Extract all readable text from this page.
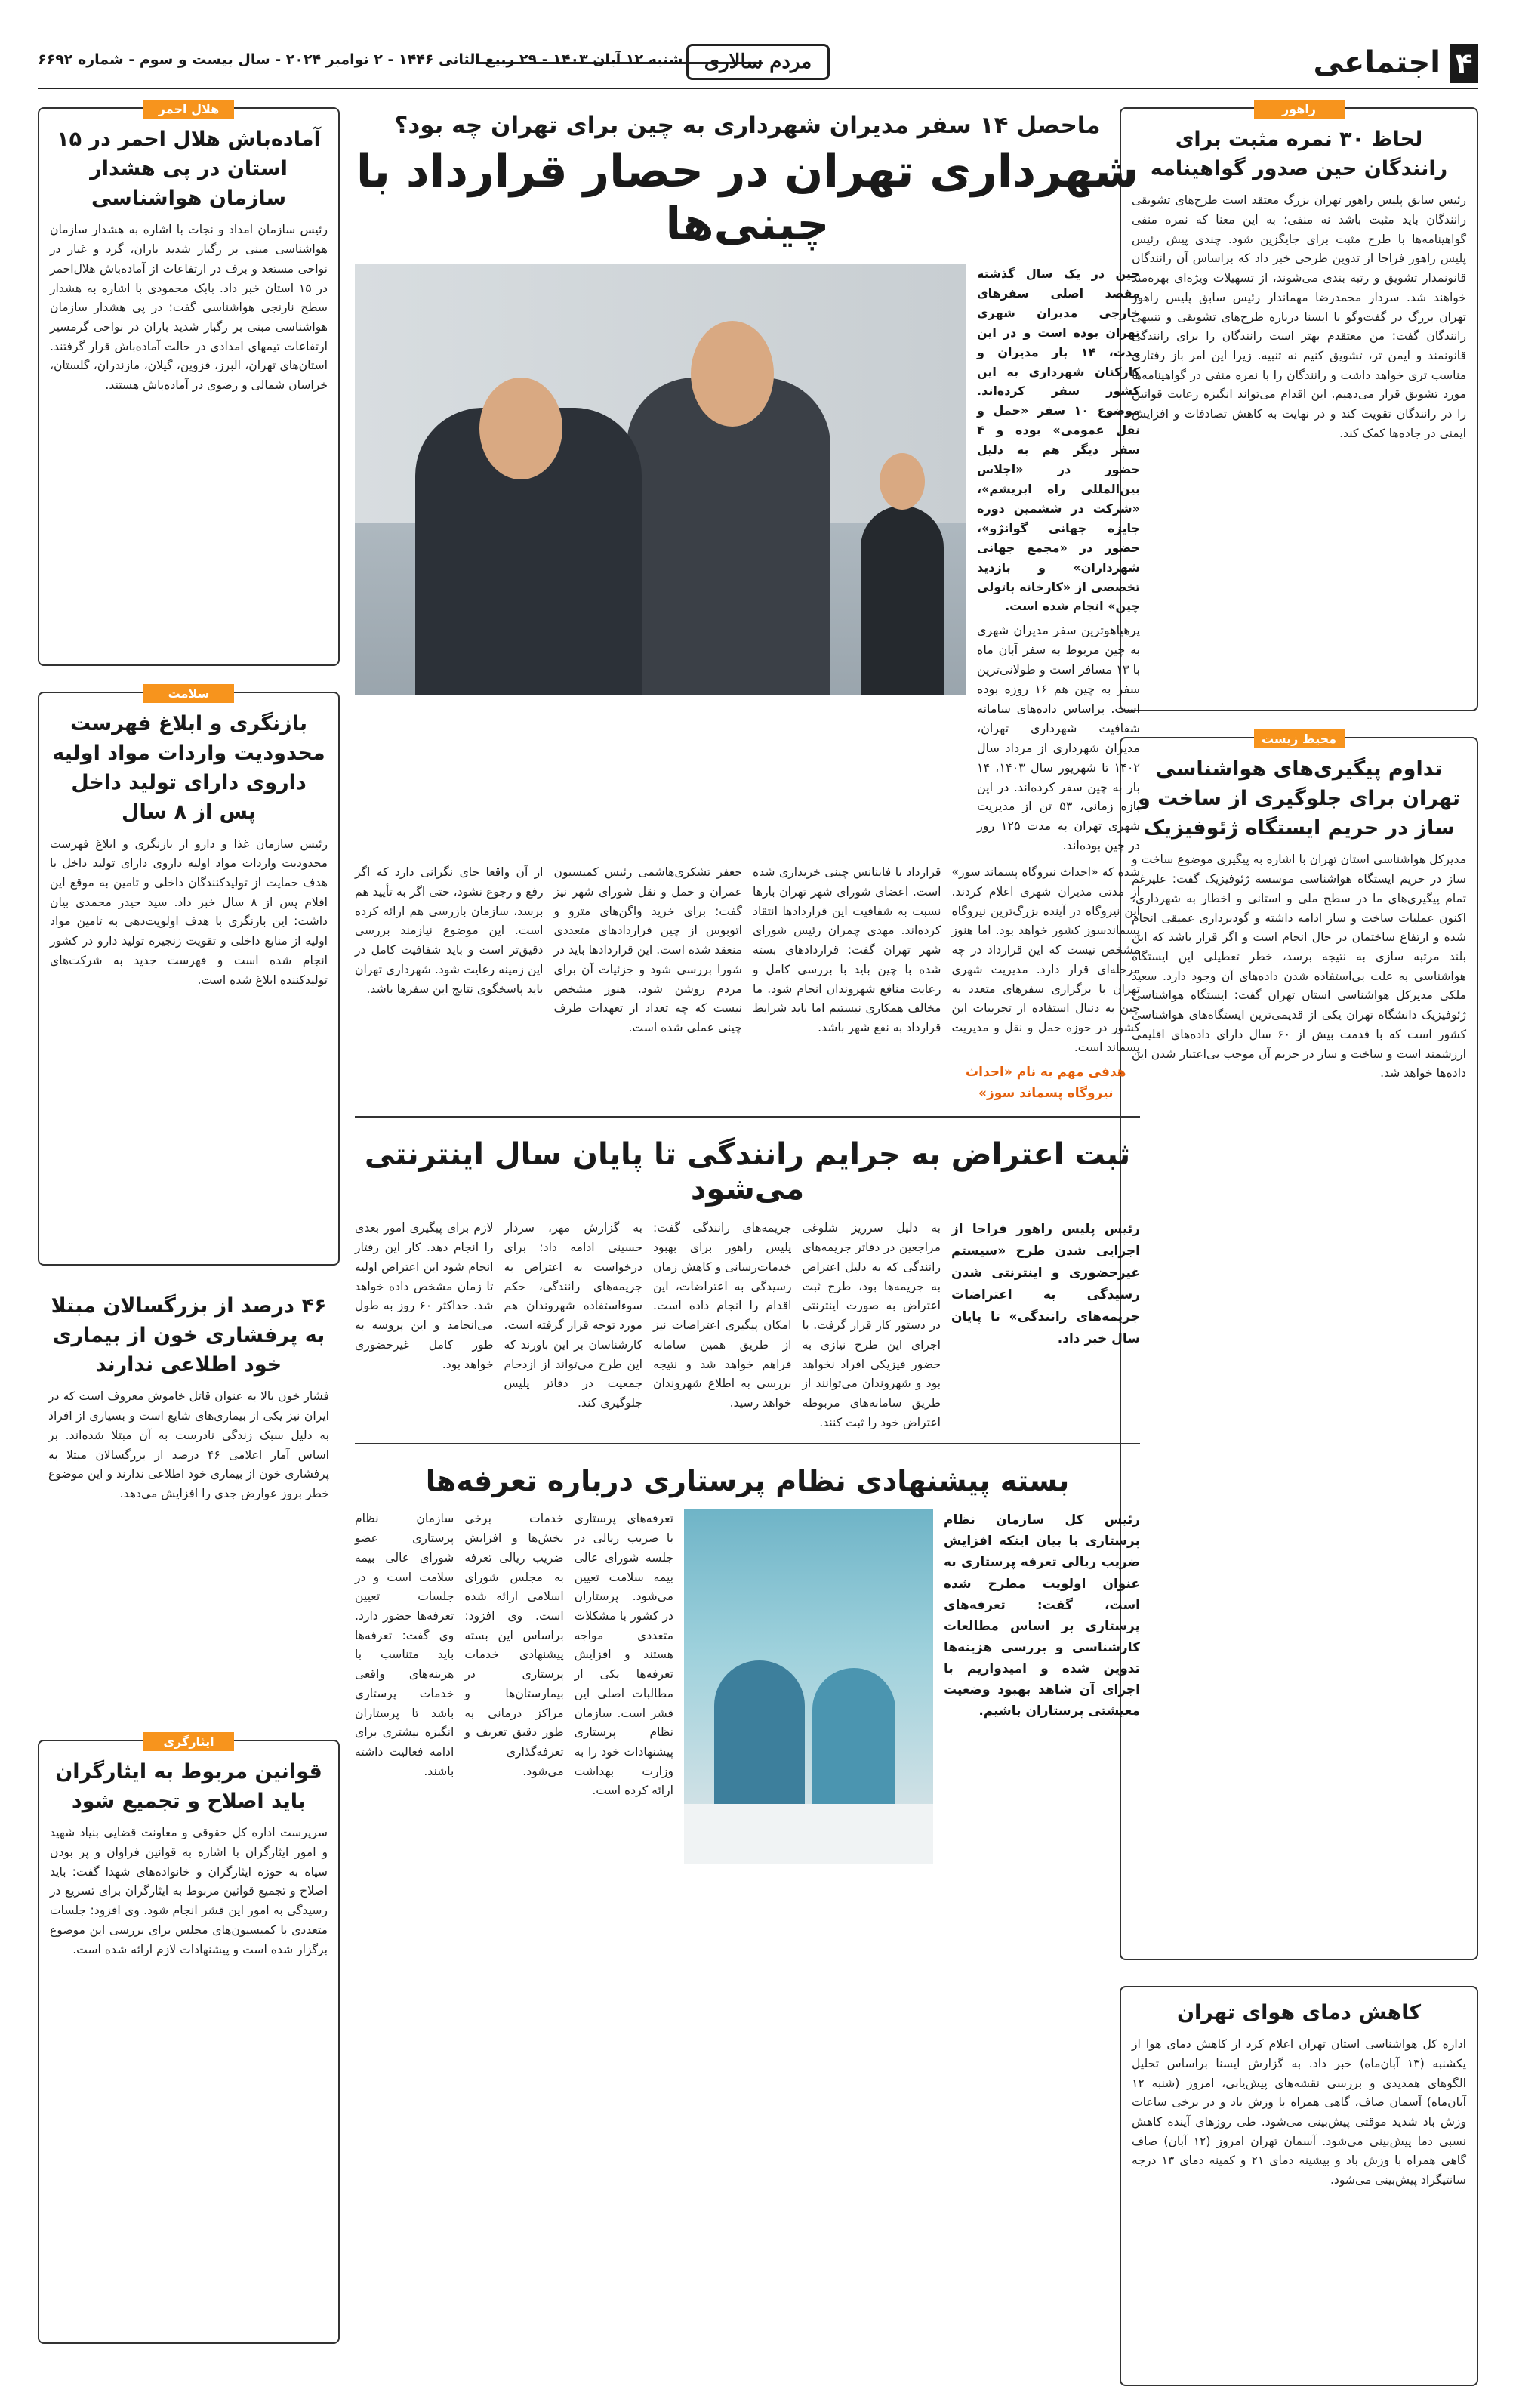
۴
اجتماعی
مردم سالاری
شنبه ۱۲ آبان ۱۴۰۳ - ۲۹ ربیع الثانی ۱۴۴۶ - ۲ نوامبر ۲۰۲۴ - سال بیست و سوم - شماره ۶۶۹۲
راهور
لحاظ ۳۰ نمره مثبت برای رانندگان حین صدور گواهینامه
رئیس سابق پلیس راهور تهران بزرگ معتقد است طرح‌های تشویقی رانندگان باید مثبت باشد نه منفی؛ به این معنا که نمره منفی گواهینامه‌ها با طرح مثبت برای جایگزین شود. چندی پیش رئیس پلیس راهور فراجا از تدوین طرحی خبر داد که براساس آن رانندگان قانونمدار تشویق و رتبه بندی می‌شوند، از تسهیلات ویژه‌ای بهره‌مند خواهند شد. سردار محمدرضا مهماندار رئیس سابق پلیس راهور تهران بزرگ در گفت‌وگو با ایسنا درباره طرح‌های تشویقی و تنبیهی رانندگان گفت: من معتقدم بهتر است رانندگان را برای رانندگی قانونمند و ایمن تر، تشویق کنیم نه تنبیه. زیرا این امر باز رفتاری مناسب تری خواهد داشت و رانندگان را با نمره منفی در گواهینامه‌ها مورد تشویق قرار می‌دهیم. این اقدام می‌تواند انگیزه رعایت قوانین را در رانندگان تقویت کند و در نهایت به کاهش تصادفات و افزایش ایمنی در جاده‌ها کمک کند.
محیط زیست
تداوم پیگیری‌های هواشناسی تهران برای جلوگیری از ساخت و ساز در حریم ایستگاه ژئوفیزیک
مدیرکل هواشناسی استان تهران با اشاره به پیگیری موضوع ساخت و ساز در حریم ایستگاه هواشناسی موسسه ژئوفیزیک گفت: علیرغم تمام پیگیری‌های ما در سطح ملی و استانی و اخطار به شهرداری، اکنون عملیات ساخت و ساز ادامه داشته و گودبرداری عمیقی انجام شده و ارتفاع ساختمان در حال انجام است و اگر قرار باشد که این بلند مرتبه سازی به نتیجه برسد، خطر تعطیلی این ایستگاه هواشناسی به علت بی‌استفاده شدن داده‌های آن وجود دارد. سعید ملکی مدیرکل هواشناسی استان تهران گفت: ایستگاه هواشناسی ژئوفیزیک دانشگاه تهران یکی از قدیمی‌ترین ایستگاه‌های هواشناسی کشور است که با قدمت بیش از ۶۰ سال دارای داده‌های اقلیمی ارزشمند است و ساخت و ساز در حریم آن موجب بی‌اعتبار شدن این داده‌ها خواهد شد.
کاهش دمای هوای تهران
اداره کل هواشناسی استان تهران اعلام کرد از کاهش دمای هوا از یکشنبه (۱۳ آبان‌ماه) خبر داد. به گزارش ایسنا براساس تحلیل الگوهای همدیدی و بررسی نقشه‌های پیش‌یابی، امروز (شنبه ۱۲ آبان‌ماه) آسمان صاف، گاهی همراه با وزش باد و در برخی ساعات وزش باد شدید موقتی پیش‌بینی می‌شود. طی روزهای آینده کاهش نسبی دما پیش‌بینی می‌شود. آسمان تهران امروز (۱۲ آبان) صاف گاهی همراه با وزش باد و بیشینه دمای ۲۱ و کمینه دمای ۱۳ درجه سانتیگراد پیش‌بینی می‌شود.
هلال احمر
آماده‌باش هلال احمر در ۱۵ استان در پی هشدار سازمان هواشناسی
رئیس سازمان امداد و نجات با اشاره به هشدار سازمان هواشناسی مبنی بر رگبار شدید باران، گرد و غبار در نواحی مستعد و برف در ارتفاعات از آماده‌باش هلال‌احمر در ۱۵ استان خبر داد. بابک محمودی با اشاره به هشدار سطح نارنجی هواشناسی گفت: در پی هشدار سازمان هواشناسی مبنی بر رگبار شدید باران در نواحی گرمسیر ارتفاعات تیمهای امدادی در حالت آماده‌باش قرار گرفتند. استان‌های تهران، البرز، قزوین، گیلان، مازندران، گلستان، خراسان شمالی و رضوی در آماده‌باش هستند.
سلامت
بازنگری و ابلاغ فهرست محدودیت واردات مواد اولیه داروی دارای تولید داخل پس از ۸ سال
رئیس سازمان غذا و دارو از بازنگری و ابلاغ فهرست محدودیت واردات مواد اولیه داروی دارای تولید داخل با هدف حمایت از تولیدکنندگان داخلی و تامین به موقع این اقلام پس از ۸ سال خبر داد. سید حیدر محمدی بیان داشت: این بازنگری با هدف اولویت‌دهی به تامین مواد اولیه از منابع داخلی و تقویت زنجیره تولید دارو در کشور انجام شده است و فهرست جدید به شرکت‌های تولیدکننده ابلاغ شده است.
۴۶ درصد از بزرگسالان مبتلا به پرفشاری خون از بیماری خود اطلاعی ندارند
فشار خون بالا به عنوان قاتل خاموش معروف است که در ایران نیز یکی از بیماری‌های شایع است و بسیاری از افراد به دلیل سبک زندگی نادرست به آن مبتلا شده‌اند. بر اساس آمار اعلامی ۴۶ درصد از بزرگسالان مبتلا به پرفشاری خون از بیماری خود اطلاعی ندارند و این موضوع خطر بروز عوارض جدی را افزایش می‌دهد.
ایثارگری
قوانین مربوط به ایثارگران باید اصلاح و تجمیع شود
سرپرست اداره کل حقوقی و معاونت قضایی بنیاد شهید و امور ایثارگران با اشاره به قوانین فراوان و پر بودن سیاه به حوزه ایثارگران و خانواده‌های شهدا گفت: باید اصلاح و تجمیع قوانین مربوط به ایثارگران برای تسریع در رسیدگی به امور این قشر انجام شود. وی افزود: جلسات متعددی با کمیسیون‌های مجلس برای بررسی این موضوع برگزار شده است و پیشنهادات لازم ارائه شده است.
ماحصل ۱۴ سفر مدیران شهرداری به چین برای تهران چه بود؟
شهرداری تهران در حصار قرارداد با چینی‌ها

چین در یک سال گذشته مقصد اصلی سفرهای خارجی مدیران شهری تهران بوده است و در این مدت، ۱۴ بار مدیران و کارکنان شهرداری به این کشور سفر کرده‌اند. موضوع ۱۰ سفر «حمل و نقل عمومی» بوده و ۴ سفر دیگر هم به دلیل حضور در «اجلاس بین‌المللی راه ابریشم»، «شرکت در ششمین دوره جایزه جهانی گوانژو»، حضور در «مجمع جهانی شهرداران» و بازدید تخصصی از «کارخانه باتولی چین» انجام شده است.

پرهیاهوترین سفر مدیران شهری به چین مربوط به سفر آبان ماه با ۱۳ مسافر است و طولانی‌ترین سفر به چین هم ۱۶ روزه بوده است. براساس داده‌های سامانه شفافیت شهرداری تهران، مدیران شهرداری از مرداد سال ۱۴۰۲ تا شهریور سال ۱۴۰۳، ۱۴ بار به چین سفر کرده‌اند. در این بازه زمانی، ۵۳ تن از مدیریت شهری تهران به مدت ۱۲۵ روز در چین بوده‌اند.

شده که «احداث نیروگاه پسماند سوز» از مدتی مدیران شهری اعلام کردند. این نیروگاه در آینده بزرگ‌ترین نیروگاه پسماندسوز کشور خواهد بود. اما هنوز مشخص نیست که این قرارداد در چه مرحله‌ای قرار دارد. مدیریت شهری تهران با برگزاری سفرهای متعدد به چین به دنبال استفاده از تجربیات این کشور در حوزه حمل و نقل و مدیریت پسماند است.

هدفی مهم به نام «احداث نیروگاه پسماند سوز»

قرارداد با فاینانس چینی خریداری شده است. اعضای شورای شهر تهران بارها نسبت به شفافیت این قراردادها انتقاد کرده‌اند. مهدی چمران رئیس شورای شهر تهران گفت: قراردادهای بسته شده با چین باید با بررسی کامل و رعایت منافع شهروندان انجام شود. ما مخالف همکاری نیستیم اما باید شرایط قرارداد به نفع شهر باشد.
جعفر تشکری‌هاشمی رئیس کمیسیون عمران و حمل و نقل شورای شهر نیز گفت: برای خرید واگن‌های مترو و اتوبوس از چین قراردادهای متعددی منعقد شده است. این قراردادها باید در شورا بررسی شود و جزئیات آن برای مردم روشن شود. هنوز مشخص نیست که چه تعداد از تعهدات طرف چینی عملی شده است.
از آن واقعا جای نگرانی دارد که اگر رفع و رجوع نشود، حتی اگر به تأیید هم برسد، سازمان بازرسی هم ارائه کرده است. این موضوع نیازمند بررسی دقیق‌تر است و باید شفافیت کامل در این زمینه رعایت شود. شهرداری تهران باید پاسخگوی نتایج این سفرها باشد.
ثبت اعتراض به جرایم رانندگی تا پایان سال اینترنتی می‌شود
رئیس پلیس راهور فراجا از اجرایی شدن طرح «سیستم غیرحضوری و اینترنتی شدن رسیدگی به اعتراضات جریمه‌های رانندگی» تا پایان سال خبر داد.
به دلیل سرریز شلوغی مراجعین در دفاتر جریمه‌های رانندگی که به دلیل اعتراض به جریمه‌ها بود، طرح ثبت اعتراض به صورت اینترنتی در دستور کار قرار گرفت. با اجرای این طرح نیازی به حضور فیزیکی افراد نخواهد بود و شهروندان می‌توانند از طریق سامانه‌های مربوطه اعتراض خود را ثبت کنند.
جریمه‌های رانندگی گفت: پلیس راهور برای بهبود خدمات‌رسانی و کاهش زمان رسیدگی به اعتراضات، این اقدام را انجام داده است. امکان پیگیری اعتراضات نیز از طریق همین سامانه فراهم خواهد شد و نتیجه بررسی به اطلاع شهروندان خواهد رسید.
به گزارش مهر، سردار حسینی ادامه داد: برای درخواست به اعتراض به جریمه‌های رانندگی، حکم سوءاستفاده شهروندان هم مورد توجه قرار گرفته است. کارشناسان بر این باورند که این طرح می‌تواند از ازدحام جمعیت در دفاتر پلیس جلوگیری کند.
لازم برای پیگیری امور بعدی را انجام دهد. کار این رفتار انجام شود این اعتراض اولیه تا زمان مشخص داده خواهد شد. حداکثر ۶۰ روز به طول می‌انجامد و این پروسه به طور کامل غیرحضوری خواهد بود.
بسته پیشنهادی نظام پرستاری درباره تعرفه‌ها
رئیس کل سازمان نظام پرستاری با بیان اینکه افزایش ضریب ریالی تعرفه پرستاری به عنوان اولویت مطرح شده است، گفت: تعرفه‌های پرستاری بر اساس مطالعات کارشناسی و بررسی هزینه‌ها تدوین شده و امیدواریم با اجرای آن شاهد بهبود وضعیت معیشتی پرستاران باشیم.
تعرفه‌های پرستاری با ضریب ریالی در جلسه شورای عالی بیمه سلامت تعیین می‌شود. پرستاران در کشور با مشکلات متعددی مواجه هستند و افزایش تعرفه‌ها یکی از مطالبات اصلی این قشر است. سازمان نظام پرستاری پیشنهادات خود را به وزارت بهداشت ارائه کرده است.
خدمات برخی بخش‌ها و افزایش ضریب ریالی تعرفه به مجلس شورای اسلامی ارائه شده است. وی افزود: براساس این بسته پیشنهادی خدمات پرستاری در بیمارستان‌ها و مراکز درمانی به طور دقیق تعریف و تعرفه‌گذاری می‌شود.
سازمان نظام پرستاری عضو شورای عالی بیمه سلامت است و در جلسات تعیین تعرفه‌ها حضور دارد. وی گفت: تعرفه‌ها باید متناسب با هزینه‌های واقعی خدمات پرستاری باشد تا پرستاران انگیزه بیشتری برای ادامه فعالیت داشته باشند.
